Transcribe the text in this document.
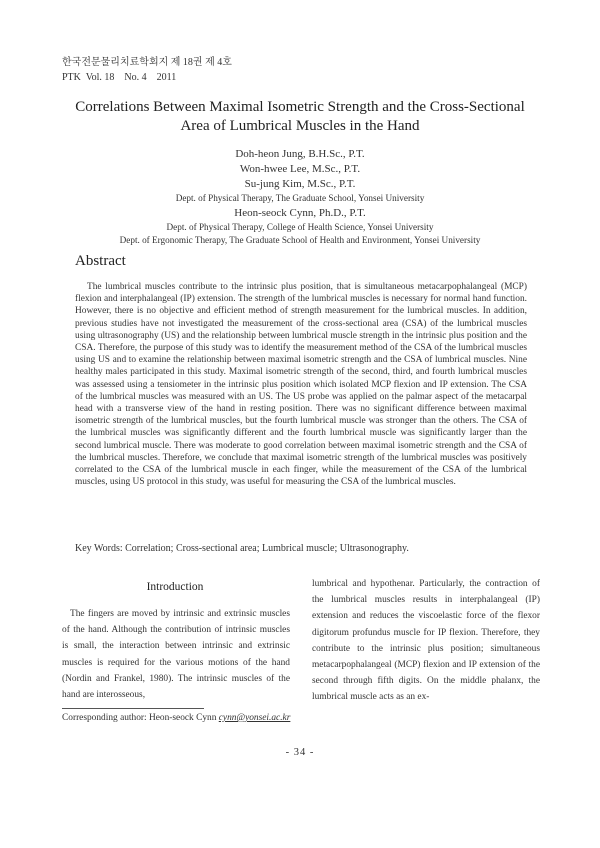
한국전문물리치료학회지 제 18권 제 4호
PTK  Vol. 18    No. 4    2011
Correlations Between Maximal Isometric Strength and the Cross-Sectional
Area of Lumbrical Muscles in the Hand
Doh-heon Jung, B.H.Sc., P.T.
Won-hwee Lee, M.Sc., P.T.
Su-jung Kim, M.Sc., P.T.
Dept. of Physical Therapy, The Graduate School, Yonsei University
Heon-seock Cynn, Ph.D., P.T.
Dept. of Physical Therapy, College of Health Science, Yonsei University
Dept. of Ergonomic Therapy, The Graduate School of Health and Environment, Yonsei University
Abstract
The lumbrical muscles contribute to the intrinsic plus position, that is simultaneous metacarpophalangeal (MCP) flexion and interphalangeal (IP) extension. The strength of the lumbrical muscles is necessary for normal hand function. However, there is no objective and efficient method of strength measurement for the lumbrical muscles. In addition, previous studies have not investigated the measurement of the cross-sectional area (CSA) of the lumbrical muscles using ultrasonography (US) and the relationship between lumbrical muscle strength in the intrinsic plus position and the CSA. Therefore, the purpose of this study was to identify the measurement method of the CSA of the lumbrical muscles using US and to examine the relationship between maximal isometric strength and the CSA of lumbrical muscles. Nine healthy males participated in this study. Maximal isometric strength of the second, third, and fourth lumbrical muscles was assessed using a tensiometer in the intrinsic plus position which isolated MCP flexion and IP extension. The CSA of the lumbrical muscles was measured with an US. The US probe was applied on the palmar aspect of the metacarpal head with a transverse view of the hand in resting position. There was no significant difference between maximal isometric strength of the lumbrical muscles, but the fourth lumbrical muscle was stronger than the others. The CSA of the lumbrical muscles was significantly different and the fourth lumbrical muscle was significantly larger than the second lumbrical muscle. There was moderate to good correlation between maximal isometric strength and the CSA of the lumbrical muscles. Therefore, we conclude that maximal isometric strength of the lumbrical muscles was positively correlated to the CSA of the lumbrical muscle in each finger, while the measurement of the CSA of the lumbrical muscles, using US protocol in this study, was useful for measuring the CSA of the lumbrical muscles.
Key Words: Correlation; Cross-sectional area; Lumbrical muscle; Ultrasonography.
Introduction
The fingers are moved by intrinsic and extrinsic muscles of the hand. Although the contribution of intrinsic muscles is small, the interaction between intrinsic and extrinsic muscles is required for the various motions of the hand (Nordin and Frankel, 1980). The intrinsic muscles of the hand are interosseous,
lumbrical and hypothenar. Particularly, the contraction of the lumbrical muscles results in interphalangeal (IP) extension and reduces the viscoelastic force of the flexor digitorum profundus muscle for IP flexion. Therefore, they contribute to the intrinsic plus position; simultaneous metacarpophalangeal (MCP) flexion and IP extension of the second through fifth digits. On the middle phalanx, the lumbrical muscle acts as an ex-
Corresponding author: Heon-seock Cynn cynn@yonsei.ac.kr
- 34 -
